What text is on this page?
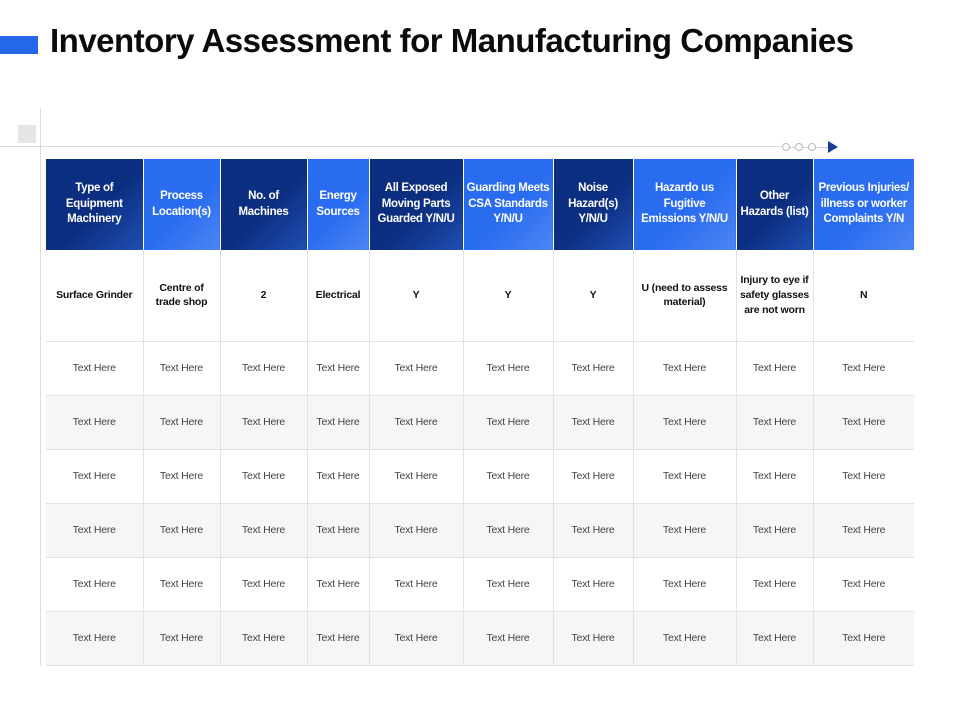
Inventory Assessment for Manufacturing Companies
Type of Equipment Machinery	Process Location(s)	No. of Machines	Energy Sources	All Exposed Moving Parts Guarded Y/N/U	Guarding Meets CSA Standards Y/N/U	Noise Hazard(s) Y/N/U	Hazardo us Fugitive Emissions Y/N/U	Other Hazards (list)	Previous Injuries/ illness or worker Complaints Y/N
Surface Grinder	Centre of trade shop	2	Electrical	Y	Y	Y	U (need to assess material)	Injury to eye if safety glasses are not worn	N
Text Here	Text Here	Text Here	Text Here	Text Here	Text Here	Text Here	Text Here	Text Here	Text Here
Text Here	Text Here	Text Here	Text Here	Text Here	Text Here	Text Here	Text Here	Text Here	Text Here
Text Here	Text Here	Text Here	Text Here	Text Here	Text Here	Text Here	Text Here	Text Here	Text Here
Text Here	Text Here	Text Here	Text Here	Text Here	Text Here	Text Here	Text Here	Text Here	Text Here
Text Here	Text Here	Text Here	Text Here	Text Here	Text Here	Text Here	Text Here	Text Here	Text Here
Text Here	Text Here	Text Here	Text Here	Text Here	Text Here	Text Here	Text Here	Text Here	Text Here
